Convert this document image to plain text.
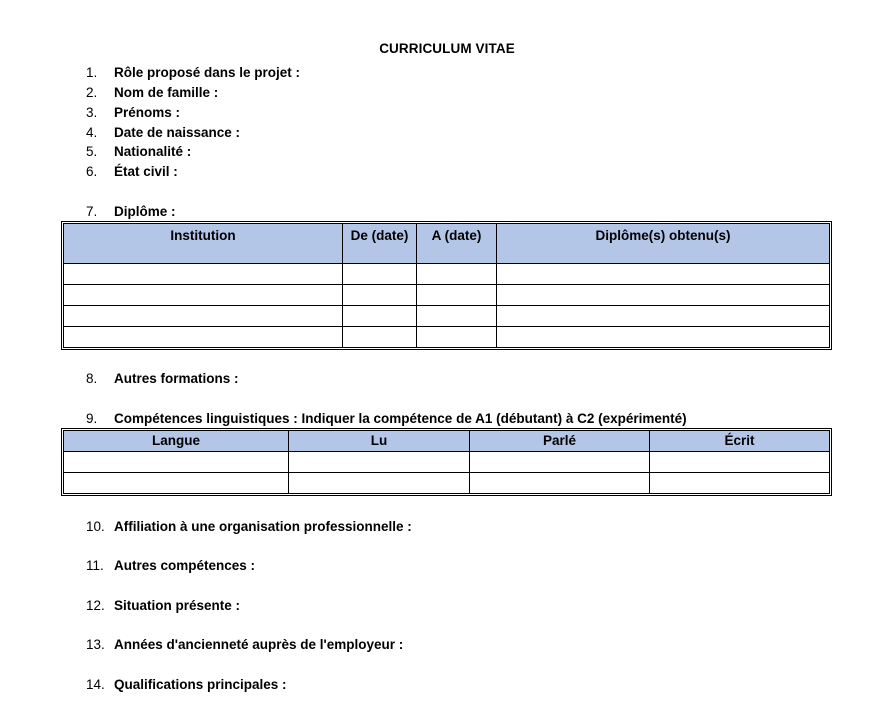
CURRICULUM VITAE
1. Rôle proposé dans le projet :
2. Nom de famille :
3. Prénoms :
4. Date de naissance :
5. Nationalité :
6. État civil :
7. Diplôme :
Institution	De (date)	A (date)	Diplôme(s) obtenu(s)

8. Autres formations :
9. Compétences linguistiques : Indiquer la compétence de A1 (débutant) à C2 (expérimenté)
Langue	Lu	Parlé	Écrit

10. Affiliation à une organisation professionnelle :
11. Autres compétences :
12. Situation présente :
13. Années d'ancienneté auprès de l'employeur :
14. Qualifications principales :
